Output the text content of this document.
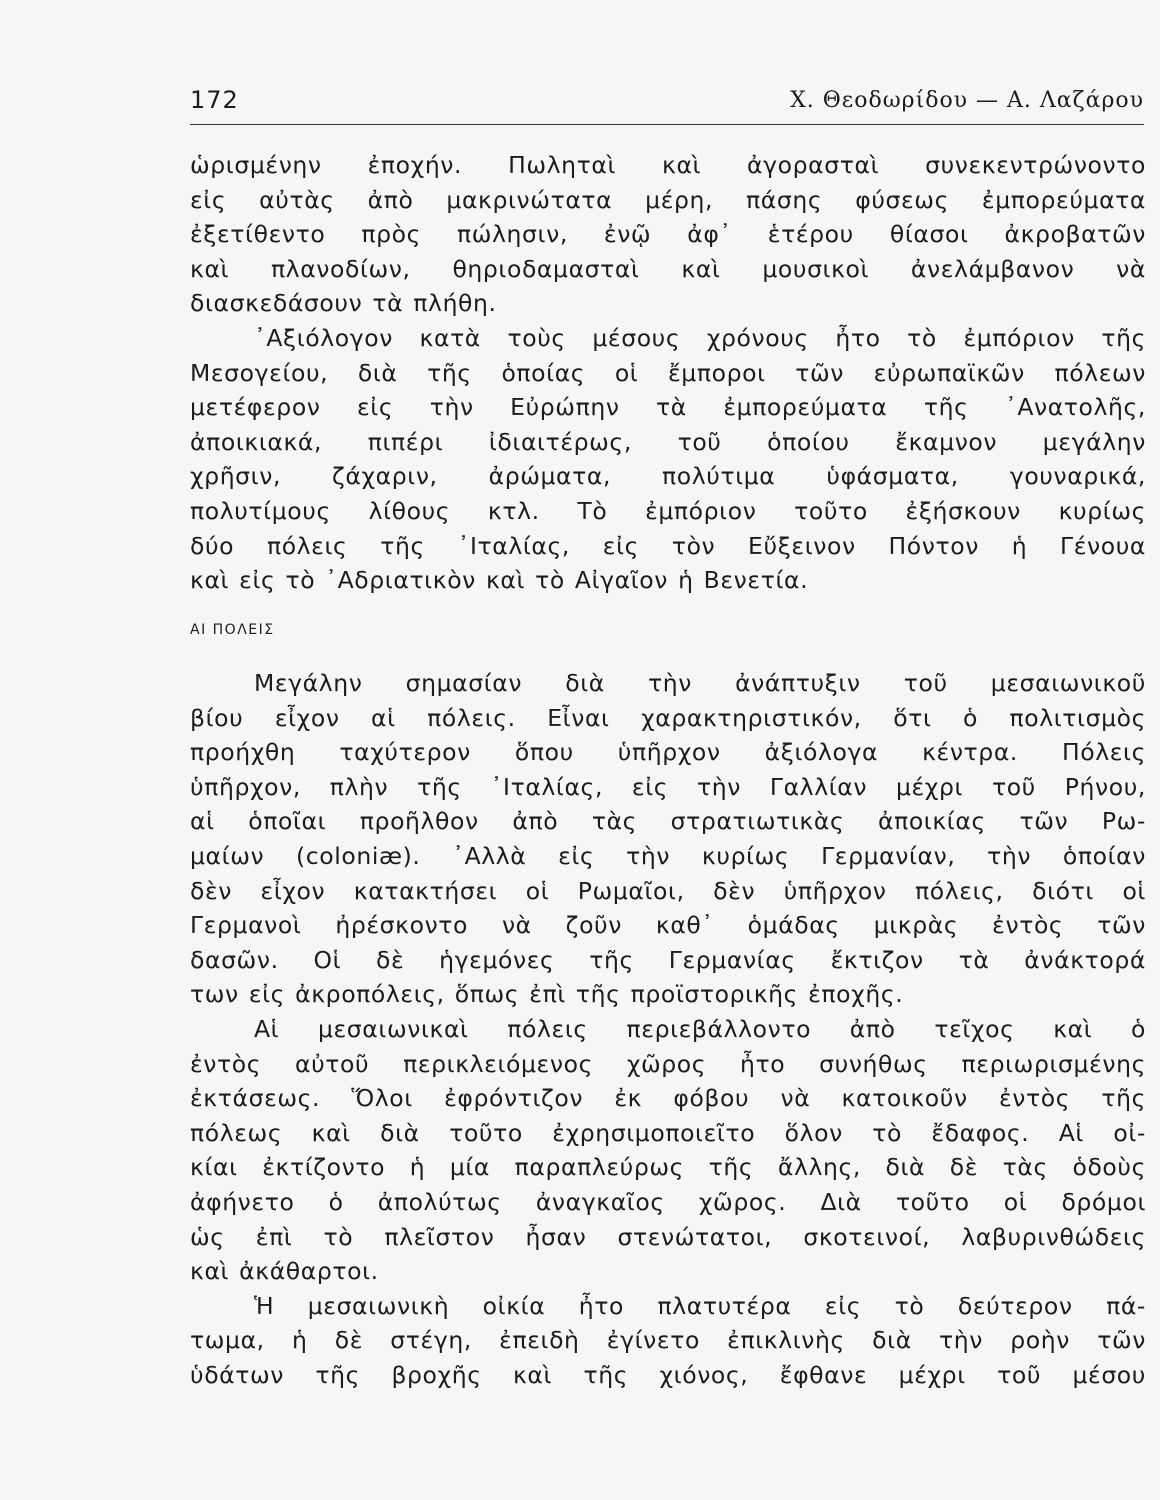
172	Χ. Θεοδωρίδου — Α. Λαζάρου
ὡρισμένην ἐποχήν. Πωληταὶ καὶ ἀγορασταὶ συνεκεντρώνοντο
εἰς αὐτὰς ἀπὸ μακρινώτατα μέρη, πάσης φύσεως ἐμπορεύματα
ἐξετίθεντο πρὸς πώλησιν, ἐνῷ ἀφ᾽ ἑτέρου θίασοι ἀκροβατῶν
καὶ πλανοδίων, θηριοδαμασταὶ καὶ μουσικοὶ ἀνελάμβανον νὰ
διασκεδάσουν τὰ πλήθη.
᾽Αξιόλογον κατὰ τοὺς μέσους χρόνους ἦτο τὸ ἐμπόριον τῆς
Μεσογείου, διὰ τῆς ὁποίας οἱ ἔμποροι τῶν εὐρωπαϊκῶν πόλεων
μετέφερον εἰς τὴν Εὐρώπην τὰ ἐμπορεύματα τῆς ᾽Ανατολῆς,
ἀποικιακά, πιπέρι ἰδιαιτέρως, τοῦ ὁποίου ἔκαμνον μεγάλην
χρῆσιν, ζάχαριν, ἀρώματα, πολύτιμα ὑφάσματα, γουναρικά,
πολυτίμους λίθους κτλ. Τὸ ἐμπόριον τοῦτο ἐξήσκουν κυρίως
δύο πόλεις τῆς ᾽Ιταλίας, εἰς τὸν Εὔξεινον Πόντον ἡ Γένουα
καὶ εἰς τὸ ᾽Αδριατικὸν καὶ τὸ Αἰγαῖον ἡ Βενετία.
ΑΙ ΠΟΛΕΙΣ
Μεγάλην σημασίαν διὰ τὴν ἀνάπτυξιν τοῦ μεσαιωνικοῦ
βίου εἶχον αἱ πόλεις. Εἶναι χαρακτηριστικόν, ὅτι ὁ πολιτισμὸς
προήχθη ταχύτερον ὅπου ὑπῆρχον ἀξιόλογα κέντρα. Πόλεις
ὑπῆρχον, πλὴν τῆς ᾽Ιταλίας, εἰς τὴν Γαλλίαν μέχρι τοῦ Ρήνου,
αἱ ὁποῖαι προῆλθον ἀπὸ τὰς στρατιωτικὰς ἀποικίας τῶν Ρω-
μαίων (coloniæ). ᾽Αλλὰ εἰς τὴν κυρίως Γερμανίαν, τὴν ὁποίαν
δὲν εἶχον κατακτήσει οἱ Ρωμαῖοι, δὲν ὑπῆρχον πόλεις, διότι οἱ
Γερμανοὶ ἠρέσκοντο νὰ ζοῦν καθ᾽ ὁμάδας μικρὰς ἐντὸς τῶν
δασῶν. Οἱ δὲ ἡγεμόνες τῆς Γερμανίας ἔκτιζον τὰ ἀνάκτορά
των εἰς ἀκροπόλεις, ὅπως ἐπὶ τῆς προϊστορικῆς ἐποχῆς.
Αἱ μεσαιωνικαὶ πόλεις περιεβάλλοντο ἀπὸ τεῖχος καὶ ὁ
ἐντὸς αὐτοῦ περικλειόμενος χῶρος ἦτο συνήθως περιωρισμένης
ἐκτάσεως. Ὅλοι ἐφρόντιζον ἐκ φόβου νὰ κατοικοῦν ἐντὸς τῆς
πόλεως καὶ διὰ τοῦτο ἐχρησιμοποιεῖτο ὅλον τὸ ἔδαφος. Αἱ οἰ-
κίαι ἐκτίζοντο ἡ μία παραπλεύρως τῆς ἄλλης, διὰ δὲ τὰς ὁδοὺς
ἀφήνετο ὁ ἀπολύτως ἀναγκαῖος χῶρος. Διὰ τοῦτο οἱ δρόμοι
ὡς ἐπὶ τὸ πλεῖστον ἦσαν στενώτατοι, σκοτεινοί, λαβυρινθώδεις
καὶ ἀκάθαρτοι.
Ἡ μεσαιωνικὴ οἰκία ἦτο πλατυτέρα εἰς τὸ δεύτερον πά-
τωμα, ἡ δὲ στέγη, ἐπειδὴ ἐγίνετο ἐπικλινὴς διὰ τὴν ροὴν τῶν
ὑδάτων τῆς βροχῆς καὶ τῆς χιόνος, ἔφθανε μέχρι τοῦ μέσου
